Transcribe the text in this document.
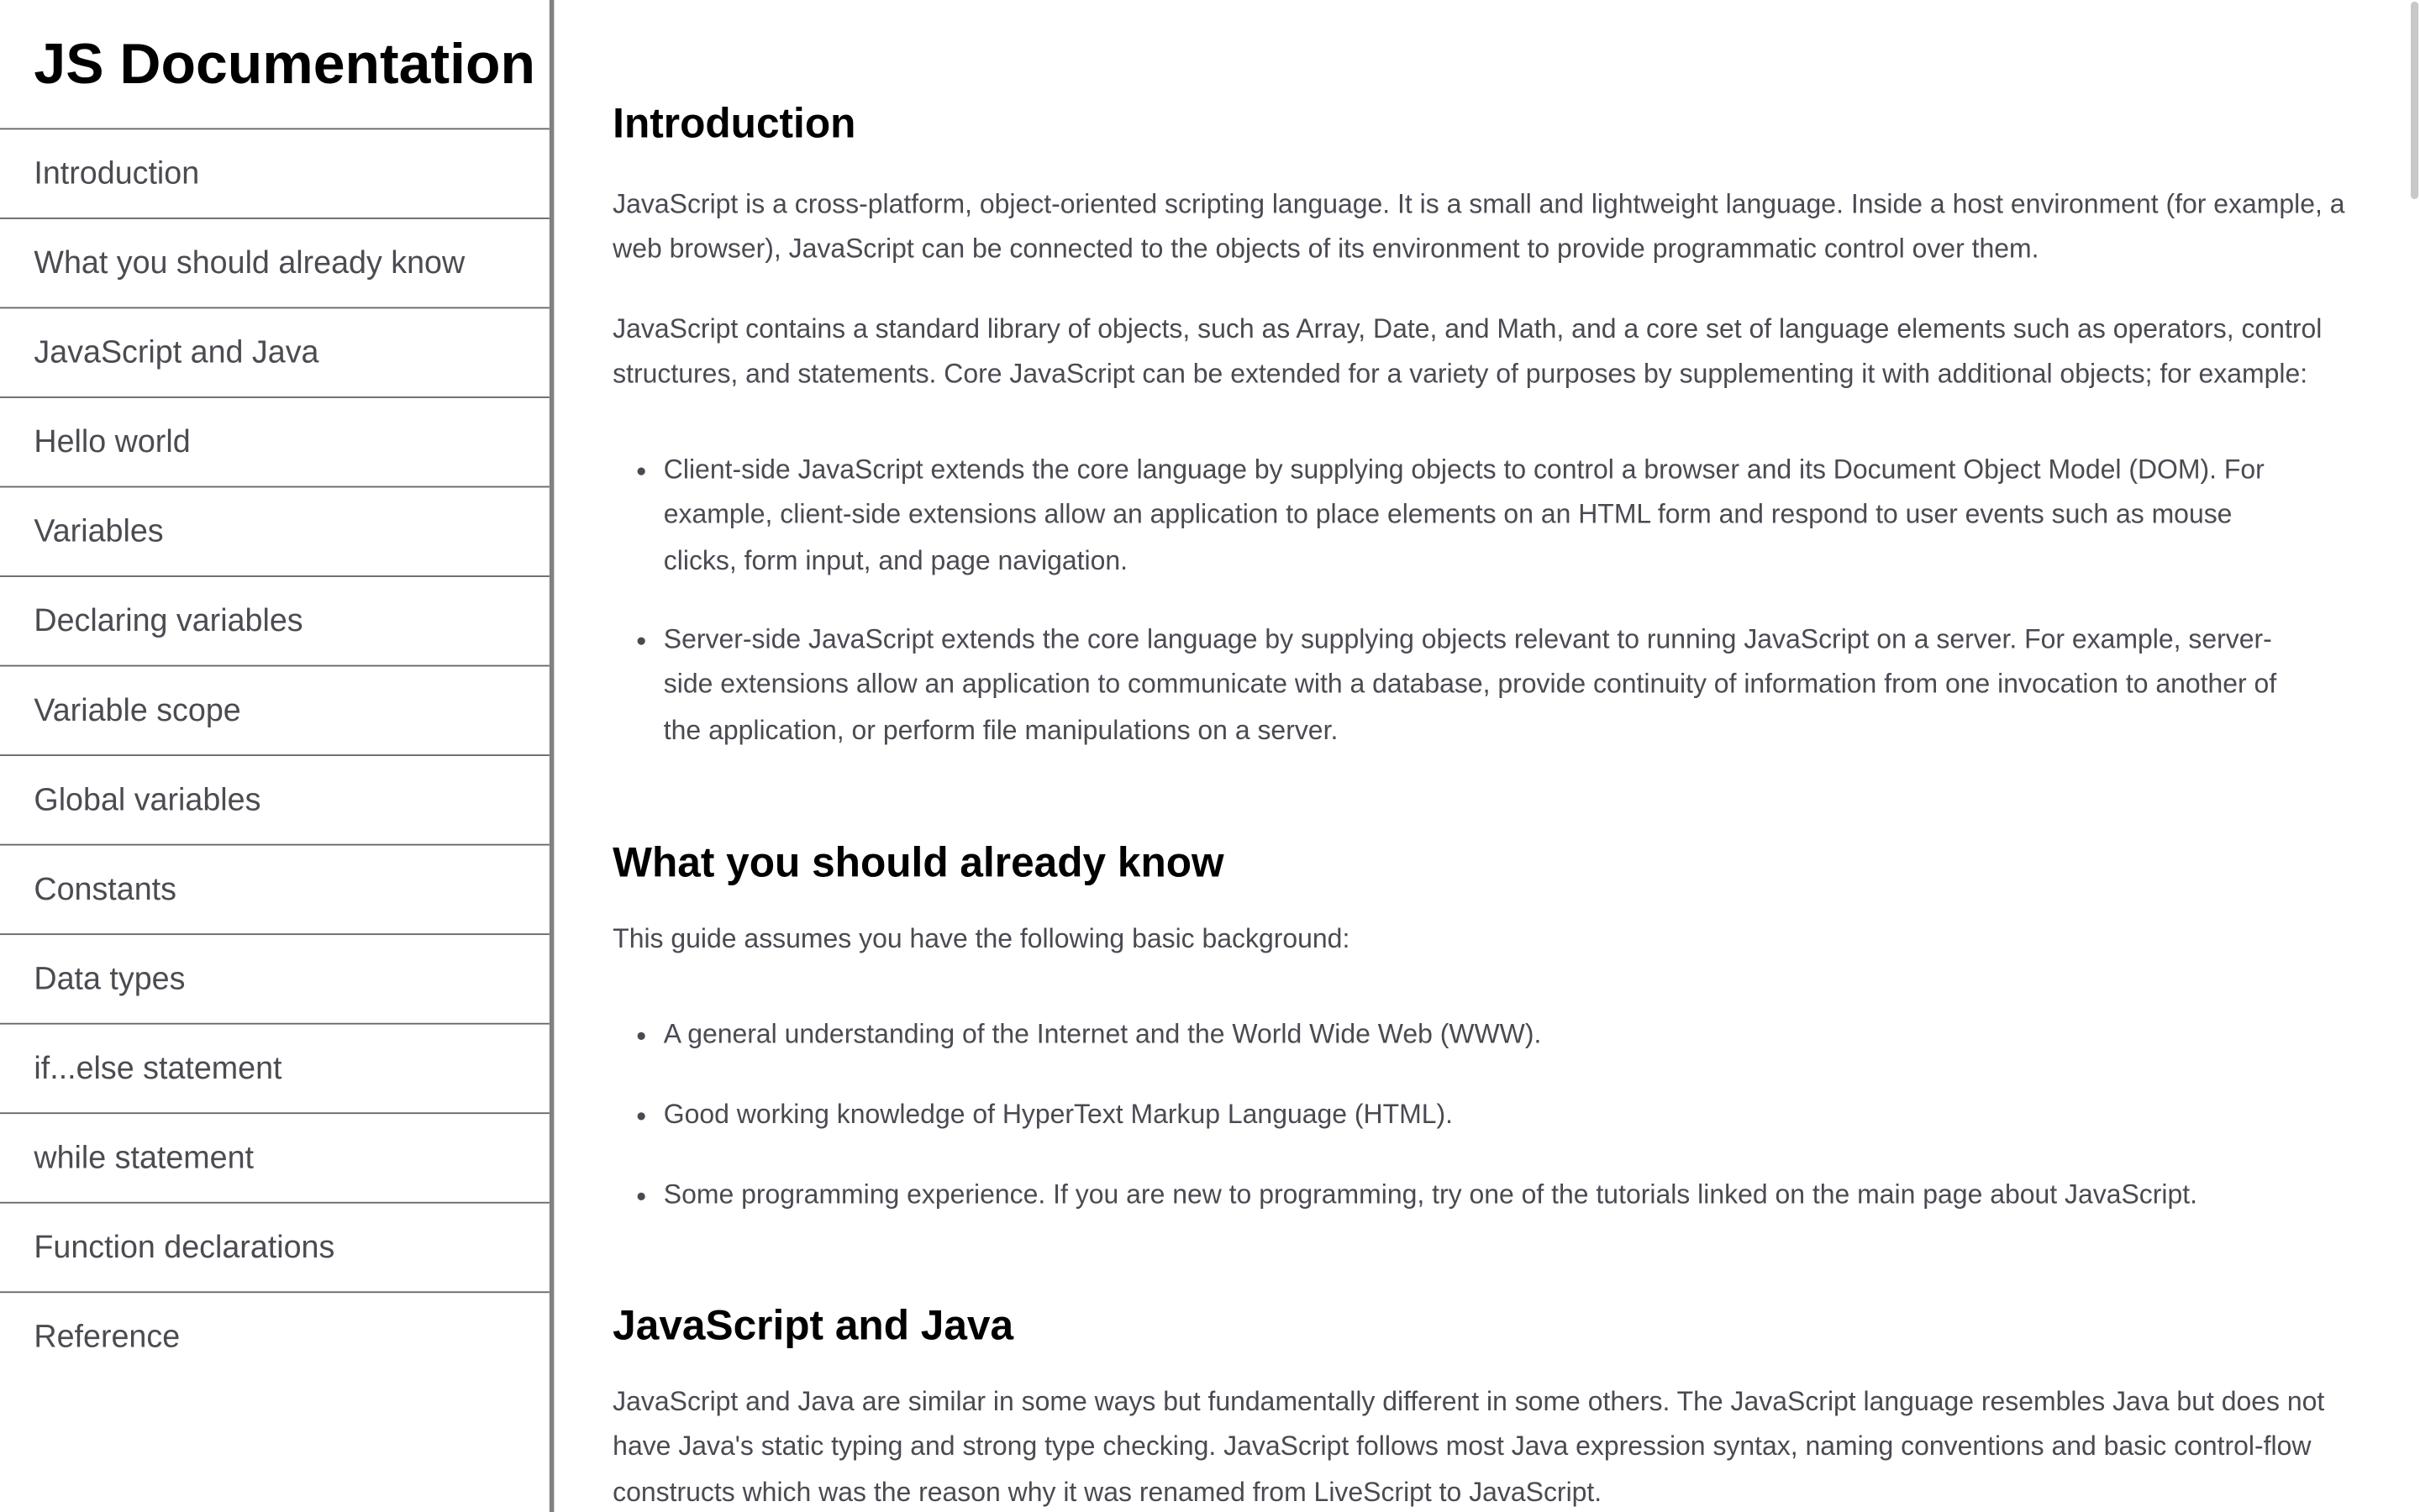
JS Documentation
Introduction
What you should already know
JavaScript and Java
Hello world
Variables
Declaring variables
Variable scope
Global variables
Constants
Data types
if...else statement
while statement
Function declarations
Reference
Introduction

JavaScript is a cross-platform, object-oriented scripting language. It is a small and lightweight language. Inside a host environment (for example, a web browser), JavaScript can be connected to the objects of its environment to provide programmatic control over them.

JavaScript contains a standard library of objects, such as Array, Date, and Math, and a core set of language elements such as operators, control structures, and statements. Core JavaScript can be extended for a variety of purposes by supplementing it with additional objects; for example:

• Client-side JavaScript extends the core language by supplying objects to control a browser and its Document Object Model (DOM). For example, client-side extensions allow an application to place elements on an HTML form and respond to user events such as mouse clicks, form input, and page navigation.
• Server-side JavaScript extends the core language by supplying objects relevant to running JavaScript on a server. For example, server-side extensions allow an application to communicate with a database, provide continuity of information from one invocation to another of the application, or perform file manipulations on a server.
What you should already know

This guide assumes you have the following basic background:

• A general understanding of the Internet and the World Wide Web (WWW).
• Good working knowledge of HyperText Markup Language (HTML).
• Some programming experience. If you are new to programming, try one of the tutorials linked on the main page about JavaScript.
JavaScript and Java

JavaScript and Java are similar in some ways but fundamentally different in some others. The JavaScript language resembles Java but does not have Java's static typing and strong type checking. JavaScript follows most Java expression syntax, naming conventions and basic control-flow constructs which was the reason why it was renamed from LiveScript to JavaScript.
